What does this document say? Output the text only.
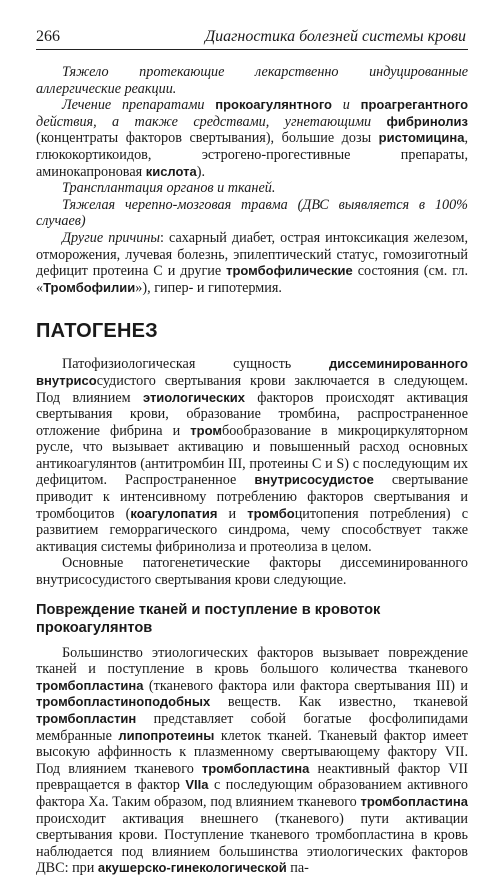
266	Диагностика болезней системы крови

Тяжело протекающие лекарственно индуцированные аллергические реакции.

Лечение препаратами прокоагулянтного и проагрегантного действия, а также средствами, угнетающими фибринолиз (концентраты факторов свертывания), большие дозы ристомицина, глюкокортикоидов, эстрогено-прогестивные препараты, аминокапроновая кислота).

Трансплантация органов и тканей.

Тяжелая черепно-мозговая травма (ДВС выявляется в 100% случаев)

Другие причины: сахарный диабет, острая интоксикация железом, отморожения, лучевая болезнь, эпилептический статус, гомозиготный дефицит протеина С и другие тромбофилические состояния (см. гл. «Тромбофилии»), гипер- и гипотермия.

ПАТОГЕНЕЗ

Патофизиологическая сущность диссеминированного внутрисосудистого свертывания крови заключается в следующем. Под влиянием этиологических факторов происходят активация свертывания крови, образование тромбина, распространенное отложение фибрина и тромбообразование в микроциркуляторном русле, что вызывает активацию и повышенный расход основных антикоагулянтов (антитромбин III, протеины C и S) с последующим их дефицитом. Распространенное внутрисосудистое свертывание приводит к интенсивному потреблению факторов свертывания и тромбоцитов (коагулопатия и тромбоцитопения потребления) с развитием геморрагического синдрома, чему способствует также активация системы фибринолиза и протеолиза в целом.

Основные патогенетические факторы диссеминированного внутрисосудистого свертывания крови следующие.

Повреждение тканей и поступление в кровоток прокоагулянтов

Большинство этиологических факторов вызывает повреждение тканей и поступление в кровь большого количества тканевого тромбопластина (тканевого фактора или фактора свертывания III) и тромбопластиноподобных веществ. Как известно, тканевой тромбопластин представляет собой богатые фосфолипидами мембранные липопротеины клеток тканей. Тканевый фактор имеет высокую аффинность к плазменному свертывающему фактору VII. Под влиянием тканевого тромбопластина неактивный фактор VII превращается в фактор VIIа с последующим образованием активного фактора Ха. Таким образом, под влиянием тканевого тромбопластина происходит активация внешнего (тканевого) пути активации свертывания крови. Поступление тканевого тромбопластина в кровь наблюдается под влиянием большинства этиологических факторов ДВС: при акушерско-гинекологической па-
